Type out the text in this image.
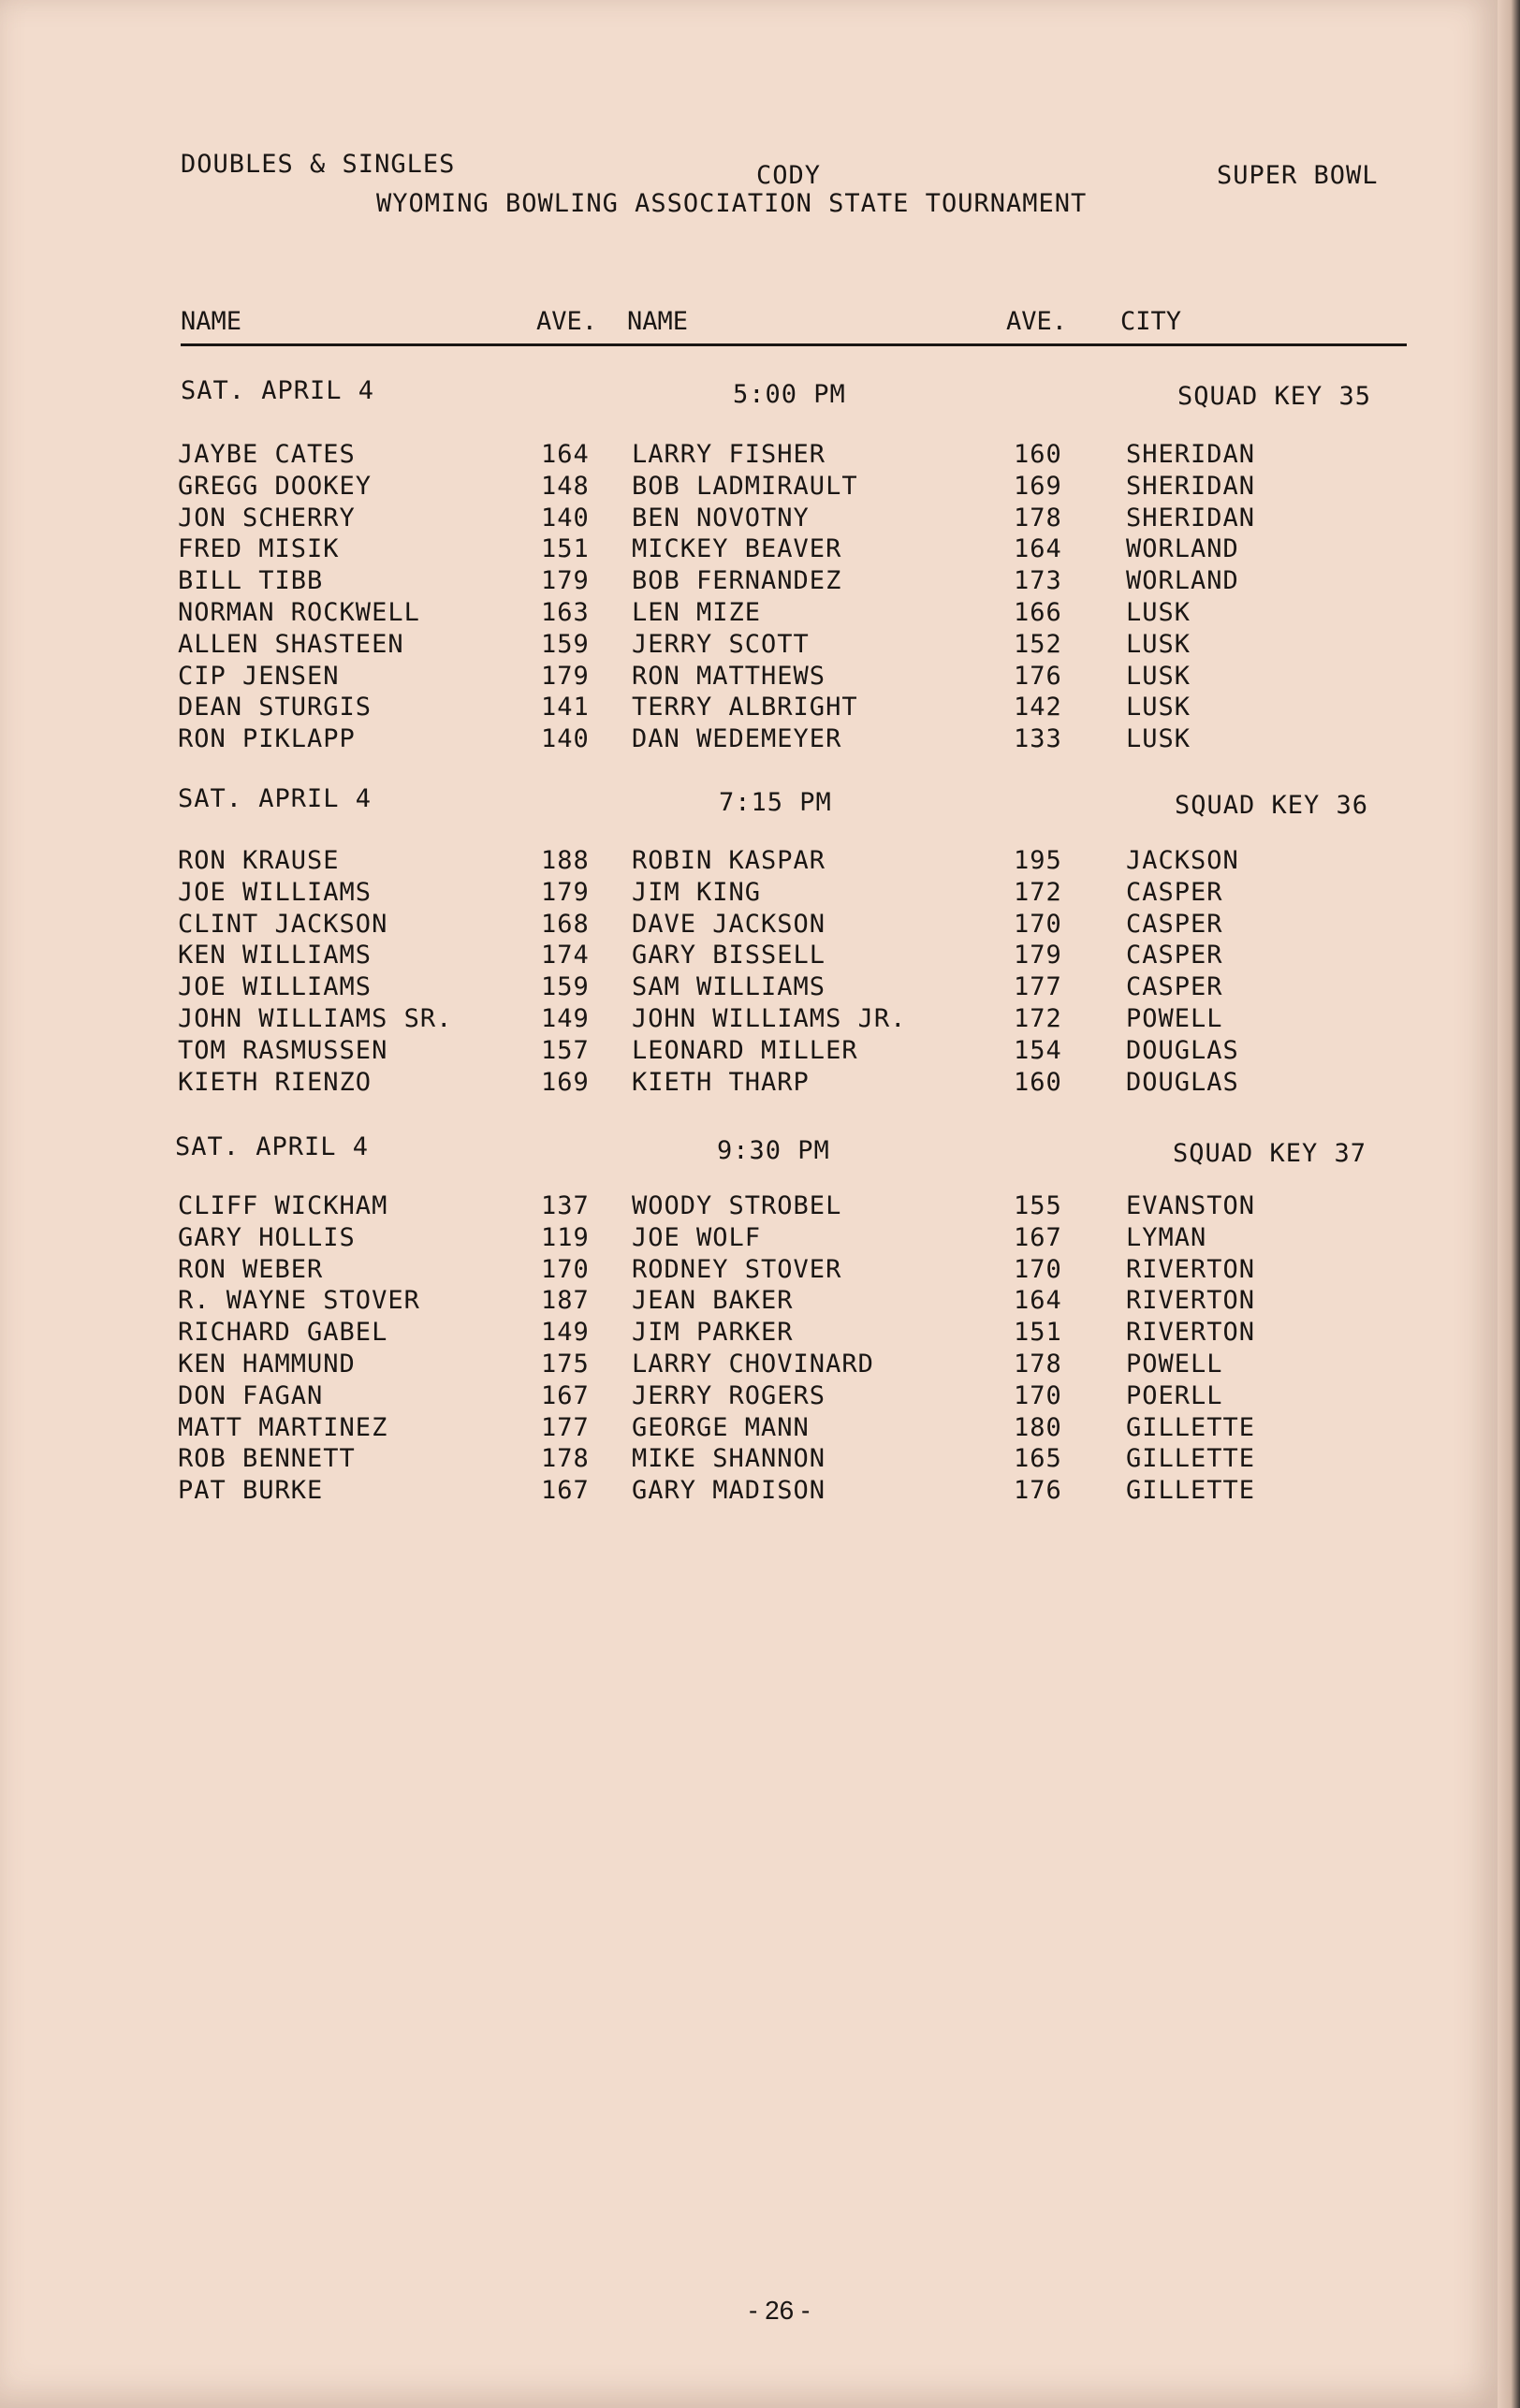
DOUBLES & SINGLES	CODY	SUPER BOWL
WYOMING BOWLING ASSOCIATION STATE TOURNAMENT
NAME	AVE. NAME	AVE. CITY
SAT. APRIL 4	5:00 PM	SQUAD KEY 35
JAYBE CATES	164 LARRY FISHER	160	SHERIDAN
GREGG DOOKEY	148 BOB LADMIRAULT	169	SHERIDAN
JON SCHERRY	140 BEN NOVOTNY	178	SHERIDAN
FRED MISIK	151 MICKEY BEAVER	164	WORLAND
BILL TIBB	179 BOB FERNANDEZ	173	WORLAND
NORMAN ROCKWELL	163 LEN MIZE	166	LUSK
ALLEN SHASTEEN	159 JERRY SCOTT	152	LUSK
CIP JENSEN	179 RON MATTHEWS	176	LUSK
DEAN STURGIS	141 TERRY ALBRIGHT	142	LUSK
RON PIKLAPP	140 DAN WEDEMEYER	133	LUSK
SAT. APRIL 4	7:15 PM	SQUAD KEY 36
RON KRAUSE	188 ROBIN KASPAR	195	JACKSON
JOE WILLIAMS	179 JIM KING	172	CASPER
CLINT JACKSON	168 DAVE JACKSON	170	CASPER
KEN WILLIAMS	174 GARY BISSELL	179	CASPER
JOE WILLIAMS	159 SAM WILLIAMS	177	CASPER
JOHN WILLIAMS SR.	149 JOHN WILLIAMS JR.	172	POWELL
TOM RASMUSSEN	157 LEONARD MILLER	154	DOUGLAS
KIETH RIENZO	169 KIETH THARP	160	DOUGLAS
SAT. APRIL 4	9:30 PM	SQUAD KEY 37
CLIFF WICKHAM	137 WOODY STROBEL	155	EVANSTON
GARY HOLLIS	119 JOE WOLF	167	LYMAN
RON WEBER	170 RODNEY STOVER	170	RIVERTON
R. WAYNE STOVER	187 JEAN BAKER	164	RIVERTON
RICHARD GABEL	149 JIM PARKER	151	RIVERTON
KEN HAMMUND	175 LARRY CHOVINARD	178	POWELL
DON FAGAN	167 JERRY ROGERS	170	POERLL
MATT MARTINEZ	177 GEORGE MANN	180	GILLETTE
ROB BENNETT	178 MIKE SHANNON	165	GILLETTE
PAT BURKE	167 GARY MADISON	176	GILLETTE
- 26 -
